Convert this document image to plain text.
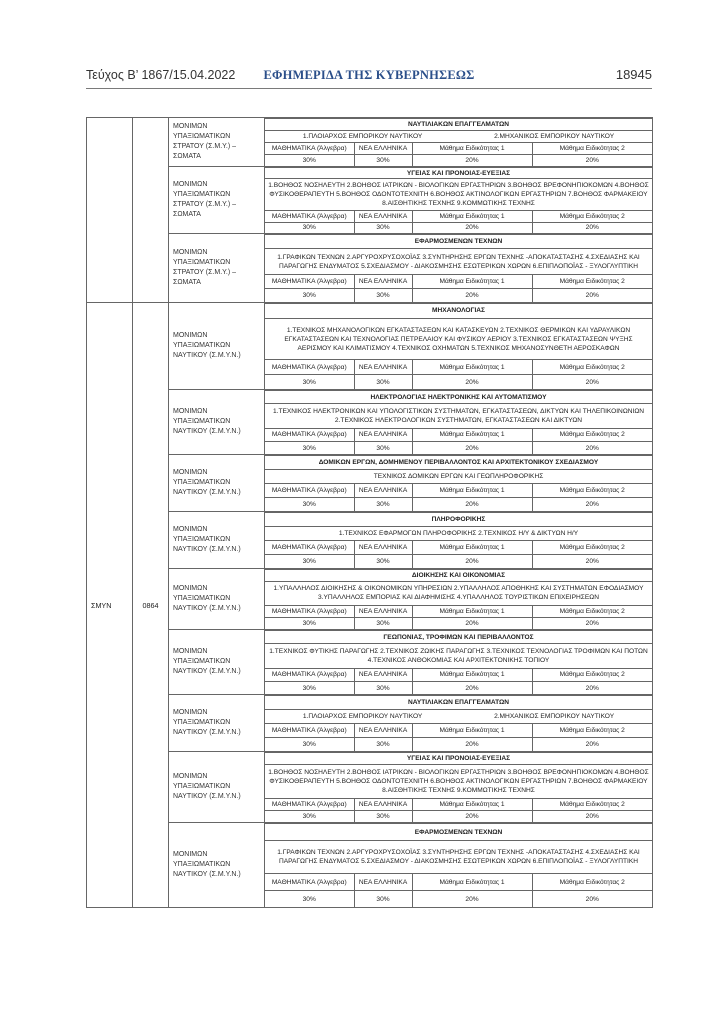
Τεύχος Β’ 1867/15.04.2022	ΕΦΗΜΕΡΙΔΑ ΤΗΣ ΚΥΒΕΡΝΗΣΕΩΣ	18945
		ΜΟΝΙΜΩΝ ΥΠΑΞΙΩΜΑΤΙΚΩΝ ΣΤΡΑΤΟΥ (Σ.Μ.Υ.) – ΣΩΜΑΤΑ	
ΝΑΥΤΙΛΙΑΚΩΝ ΕΠΑΓΓΕΛΜΑΤΩΝ

1.ΠΛΟΙΑΡΧΟΣ ΕΜΠΟΡΙΚΟΥ ΝΑΥΤΙΚΟΥ	2.ΜΗΧΑΝΙΚΟΣ ΕΜΠΟΡΙΚΟΥ ΝΑΥΤΙΚΟΥ

ΜΑΘΗΜΑΤΙΚΑ (Άλγεβρα)	ΝΕΑ ΕΛΛΗΝΙΚΑ	Μάθημα Ειδικότητας 1	Μάθημα Ειδικότητας 2
30%	30%	20%	20%

ΜΟΝΙΜΩΝ ΥΠΑΞΙΩΜΑΤΙΚΩΝ ΣΤΡΑΤΟΥ (Σ.Μ.Υ.) – ΣΩΜΑΤΑ	
ΥΓΕΙΑΣ ΚΑΙ ΠΡΟΝΟΙΑΣ-ΕΥΕΞΙΑΣ
1.ΒΟΗΘΟΣ ΝΟΣΗΛΕΥΤΗ 2.ΒΟΗΘΟΣ ΙΑΤΡΙΚΩΝ - ΒΙΟΛΟΓΙΚΩΝ ΕΡΓΑΣΤΗΡΙΩΝ 3.ΒΟΗΘΟΣ ΒΡΕΦΟΝΗΠΙΟΚΟΜΩΝ 4.ΒΟΗΘΟΣ ΦΥΣΙΚΟΘΕΡΑΠΕΥΤΗ 5.ΒΟΗΘΟΣ ΟΔΟΝΤΟΤΕΧΝΙΤΗ 6.ΒΟΗΘΟΣ ΑΚΤΙΝΟΛΟΓΙΚΩΝ ΕΡΓΑΣΤΗΡΙΩΝ 7.ΒΟΗΘΟΣ ΦΑΡΜΑΚΕΙΟΥ 8.ΑΙΣΘΗΤΙΚΗΣ ΤΕΧΝΗΣ 9.ΚΟΜΜΩΤΙΚΗΣ ΤΕΧΝΗΣ
ΜΑΘΗΜΑΤΙΚΑ (Άλγεβρα)	ΝΕΑ ΕΛΛΗΝΙΚΑ	Μάθημα Ειδικότητας 1	Μάθημα Ειδικότητας 2
30%	30%	20%	20%

ΜΟΝΙΜΩΝ ΥΠΑΞΙΩΜΑΤΙΚΩΝ ΣΤΡΑΤΟΥ (Σ.Μ.Υ.) – ΣΩΜΑΤΑ	
ΕΦΑΡΜΟΣΜΕΝΩΝ ΤΕΧΝΩΝ
1.ΓΡΑΦΙΚΩΝ ΤΕΧΝΩΝ 2.ΑΡΓΥΡΟΧΡΥΣΟΧΟΪΑΣ 3.ΣΥΝΤΗΡΗΣΗΣ ΕΡΓΩΝ ΤΕΧΝΗΣ -ΑΠΟΚΑΤΑΣΤΑΣΗΣ 4.ΣΧΕΔΙΑΣΗΣ ΚΑΙ ΠΑΡΑΓΩΓΗΣ ΕΝΔΥΜΑΤΟΣ 5.ΣΧΕΔΙΑΣΜΟΥ - ΔΙΑΚΟΣΜΗΣΗΣ ΕΣΩΤΕΡΙΚΩΝ ΧΩΡΩΝ 6.ΕΠΙΠΛΟΠΟΪΑΣ - ΞΥΛΟΓΛΥΠΤΙΚΗ
ΜΑΘΗΜΑΤΙΚΑ (Άλγεβρα)	ΝΕΑ ΕΛΛΗΝΙΚΑ	Μάθημα Ειδικότητας 1	Μάθημα Ειδικότητας 2
30%	30%	20%	20%

ΣΜΥΝ	0864	ΜΟΝΙΜΩΝ ΥΠΑΞΙΩΜΑΤΙΚΩΝ ΝΑΥΤΙΚΟΥ (Σ.Μ.Υ.Ν.)	
ΜΗΧΑΝΟΛΟΓΙΑΣ
1.ΤΕΧΝΙΚΟΣ ΜΗΧΑΝΟΛΟΓΙΚΩΝ ΕΓΚΑΤΑΣΤΑΣΕΩΝ ΚΑΙ ΚΑΤΑΣΚΕΥΩΝ 2.ΤΕΧΝΙΚΟΣ ΘΕΡΜΙΚΩΝ ΚΑΙ ΥΔΡΑΥΛΙΚΩΝ ΕΓΚΑΤΑΣΤΑΣΕΩΝ ΚΑΙ ΤΕΧΝΟΛΟΓΙΑΣ ΠΕΤΡΕΛΑΙΟΥ ΚΑΙ ΦΥΣΙΚΟΥ ΑΕΡΙΟΥ 3.ΤΕΧΝΙΚΟΣ ΕΓΚΑΤΑΣΤΑΣΕΩΝ ΨΥΞΗΣ ΑΕΡΙΣΜΟΥ ΚΑΙ ΚΛΙΜΑΤΙΣΜΟΥ 4.ΤΕΧΝΙΚΟΣ ΟΧΗΜΑΤΩΝ 5.ΤΕΧΝΙΚΟΣ ΜΗΧΑΝΟΣΥΝΘΕΤΗ ΑΕΡΟΣΚΑΦΩΝ
ΜΑΘΗΜΑΤΙΚΑ (Άλγεβρα)	ΝΕΑ ΕΛΛΗΝΙΚΑ	Μάθημα Ειδικότητας 1	Μάθημα Ειδικότητας 2
30%	30%	20%	20%

ΜΟΝΙΜΩΝ ΥΠΑΞΙΩΜΑΤΙΚΩΝ ΝΑΥΤΙΚΟΥ (Σ.Μ.Υ.Ν.)	
ΗΛΕΚΤΡΟΛΟΓΙΑΣ ΗΛΕΚΤΡΟΝΙΚΗΣ ΚΑΙ ΑΥΤΟΜΑΤΙΣΜΟΥ
1.ΤΕΧΝΙΚΟΣ ΗΛΕΚΤΡΟΝΙΚΩΝ ΚΑΙ ΥΠΟΛΟΓΙΣΤΙΚΩΝ ΣΥΣΤΗΜΑΤΩΝ, ΕΓΚΑΤΑΣΤΑΣΕΩΝ, ΔΙΚΤΥΩΝ ΚΑΙ ΤΗΛΕΠΙΚΟΙΝΩΝΙΩΝ 2.ΤΕΧΝΙΚΟΣ ΗΛΕΚΤΡΟΛΟΓΙΚΩΝ ΣΥΣΤΗΜΑΤΩΝ, ΕΓΚΑΤΑΣΤΑΣΕΩΝ ΚΑΙ ΔΙΚΤΥΩΝ
ΜΑΘΗΜΑΤΙΚΑ (Άλγεβρα)	ΝΕΑ ΕΛΛΗΝΙΚΑ	Μάθημα Ειδικότητας 1	Μάθημα Ειδικότητας 2
30%	30%	20%	20%

ΜΟΝΙΜΩΝ ΥΠΑΞΙΩΜΑΤΙΚΩΝ ΝΑΥΤΙΚΟΥ (Σ.Μ.Υ.Ν.)	
ΔΟΜΙΚΩΝ ΕΡΓΩΝ, ΔΟΜΗΜΕΝΟΥ ΠΕΡΙΒΑΛΛΟΝΤΟΣ ΚΑΙ ΑΡΧΙΤΕΚΤΟΝΙΚΟΥ ΣΧΕΔΙΑΣΜΟΥ
ΤΕΧΝΙΚΟΣ ΔΟΜΙΚΩΝ ΕΡΓΩΝ ΚΑΙ ΓΕΩΠΛΗΡΟΦΟΡΙΚΗΣ
ΜΑΘΗΜΑΤΙΚΑ (Άλγεβρα)	ΝΕΑ ΕΛΛΗΝΙΚΑ	Μάθημα Ειδικότητας 1	Μάθημα Ειδικότητας 2
30%	30%	20%	20%

ΜΟΝΙΜΩΝ ΥΠΑΞΙΩΜΑΤΙΚΩΝ ΝΑΥΤΙΚΟΥ (Σ.Μ.Υ.Ν.)	
ΠΛΗΡΟΦΟΡΙΚΗΣ
1.ΤΕΧΝΙΚΟΣ ΕΦΑΡΜΟΓΩΝ ΠΛΗΡΟΦΟΡΙΚΗΣ 2.ΤΕΧΝΙΚΟΣ Η/Υ & ΔΙΚΤΥΩΝ Η/Υ
ΜΑΘΗΜΑΤΙΚΑ (Άλγεβρα)	ΝΕΑ ΕΛΛΗΝΙΚΑ	Μάθημα Ειδικότητας 1	Μάθημα Ειδικότητας 2
30%	30%	20%	20%

ΜΟΝΙΜΩΝ ΥΠΑΞΙΩΜΑΤΙΚΩΝ ΝΑΥΤΙΚΟΥ (Σ.Μ.Υ.Ν.)	
ΔΙΟΙΚΗΣΗΣ ΚΑΙ ΟΙΚΟΝΟΜΙΑΣ
1.ΥΠΑΛΛΗΛΟΣ ΔΙΟΙΚΗΣΗΣ & ΟΙΚΟΝΟΜΙΚΩΝ ΥΠΗΡΕΣΙΩΝ 2.ΥΠΑΛΛΗΛΟΣ ΑΠΟΘΗΚΗΣ ΚΑΙ ΣΥΣΤΗΜΑΤΩΝ ΕΦΟΔΙΑΣΜΟΥ 3.ΥΠΑΛΛΗΛΟΣ ΕΜΠΟΡΙΑΣ ΚΑΙ ΔΙΑΦΗΜΙΣΗΣ 4.ΥΠΑΛΛΗΛΟΣ ΤΟΥΡΙΣΤΙΚΩΝ ΕΠΙΧΕΙΡΗΣΕΩΝ
ΜΑΘΗΜΑΤΙΚΑ (Άλγεβρα)	ΝΕΑ ΕΛΛΗΝΙΚΑ	Μάθημα Ειδικότητας 1	Μάθημα Ειδικότητας 2
30%	30%	20%	20%

ΜΟΝΙΜΩΝ ΥΠΑΞΙΩΜΑΤΙΚΩΝ ΝΑΥΤΙΚΟΥ (Σ.Μ.Υ.Ν.)	
ΓΕΩΠΟΝΙΑΣ, ΤΡΟΦΙΜΩΝ ΚΑΙ ΠΕΡΙΒΑΛΛΟΝΤΟΣ
1.ΤΕΧΝΙΚΟΣ ΦΥΤΙΚΗΣ ΠΑΡΑΓΩΓΗΣ 2.ΤΕΧΝΙΚΟΣ ΖΩΙΚΗΣ ΠΑΡΑΓΩΓΗΣ 3.ΤΕΧΝΙΚΟΣ ΤΕΧΝΟΛΟΓΙΑΣ ΤΡΟΦΙΜΩΝ ΚΑΙ ΠΟΤΩΝ 4.ΤΕΧΝΙΚΟΣ ΑΝΘΟΚΟΜΙΑΣ ΚΑΙ ΑΡΧΙΤΕΚΤΟΝΙΚΗΣ ΤΟΠΙΟΥ
ΜΑΘΗΜΑΤΙΚΑ (Άλγεβρα)	ΝΕΑ ΕΛΛΗΝΙΚΑ	Μάθημα Ειδικότητας 1	Μάθημα Ειδικότητας 2
30%	30%	20%	20%

ΜΟΝΙΜΩΝ ΥΠΑΞΙΩΜΑΤΙΚΩΝ ΝΑΥΤΙΚΟΥ (Σ.Μ.Υ.Ν.)	
ΝΑΥΤΙΛΙΑΚΩΝ ΕΠΑΓΓΕΛΜΑΤΩΝ

1.ΠΛΟΙΑΡΧΟΣ ΕΜΠΟΡΙΚΟΥ ΝΑΥΤΙΚΟΥ	2.ΜΗΧΑΝΙΚΟΣ ΕΜΠΟΡΙΚΟΥ ΝΑΥΤΙΚΟΥ

ΜΑΘΗΜΑΤΙΚΑ (Άλγεβρα)	ΝΕΑ ΕΛΛΗΝΙΚΑ	Μάθημα Ειδικότητας 1	Μάθημα Ειδικότητας 2
30%	30%	20%	20%

ΜΟΝΙΜΩΝ ΥΠΑΞΙΩΜΑΤΙΚΩΝ ΝΑΥΤΙΚΟΥ (Σ.Μ.Υ.Ν.)	
ΥΓΕΙΑΣ ΚΑΙ ΠΡΟΝΟΙΑΣ-ΕΥΕΞΙΑΣ
1.ΒΟΗΘΟΣ ΝΟΣΗΛΕΥΤΗ 2.ΒΟΗΘΟΣ ΙΑΤΡΙΚΩΝ - ΒΙΟΛΟΓΙΚΩΝ ΕΡΓΑΣΤΗΡΙΩΝ 3.ΒΟΗΘΟΣ ΒΡΕΦΟΝΗΠΙΟΚΟΜΩΝ 4.ΒΟΗΘΟΣ ΦΥΣΙΚΟΘΕΡΑΠΕΥΤΗ 5.ΒΟΗΘΟΣ ΟΔΟΝΤΟΤΕΧΝΙΤΗ 6.ΒΟΗΘΟΣ ΑΚΤΙΝΟΛΟΓΙΚΩΝ ΕΡΓΑΣΤΗΡΙΩΝ 7.ΒΟΗΘΟΣ ΦΑΡΜΑΚΕΙΟΥ 8.ΑΙΣΘΗΤΙΚΗΣ ΤΕΧΝΗΣ 9.ΚΟΜΜΩΤΙΚΗΣ ΤΕΧΝΗΣ
ΜΑΘΗΜΑΤΙΚΑ (Άλγεβρα)	ΝΕΑ ΕΛΛΗΝΙΚΑ	Μάθημα Ειδικότητας 1	Μάθημα Ειδικότητας 2
30%	30%	20%	20%

ΜΟΝΙΜΩΝ ΥΠΑΞΙΩΜΑΤΙΚΩΝ ΝΑΥΤΙΚΟΥ (Σ.Μ.Υ.Ν.)	
ΕΦΑΡΜΟΣΜΕΝΩΝ ΤΕΧΝΩΝ
1.ΓΡΑΦΙΚΩΝ ΤΕΧΝΩΝ 2.ΑΡΓΥΡΟΧΡΥΣΟΧΟΪΑΣ 3.ΣΥΝΤΗΡΗΣΗΣ ΕΡΓΩΝ ΤΕΧΝΗΣ -ΑΠΟΚΑΤΑΣΤΑΣΗΣ 4.ΣΧΕΔΙΑΣΗΣ ΚΑΙ ΠΑΡΑΓΩΓΗΣ ΕΝΔΥΜΑΤΟΣ 5.ΣΧΕΔΙΑΣΜΟΥ - ΔΙΑΚΟΣΜΗΣΗΣ ΕΣΩΤΕΡΙΚΩΝ ΧΩΡΩΝ 6.ΕΠΙΠΛΟΠΟΪΑΣ - ΞΥΛΟΓΛΥΠΤΙΚΗ
ΜΑΘΗΜΑΤΙΚΑ (Άλγεβρα)	ΝΕΑ ΕΛΛΗΝΙΚΑ	Μάθημα Ειδικότητας 1	Μάθημα Ειδικότητας 2
30%	30%	20%	20%
